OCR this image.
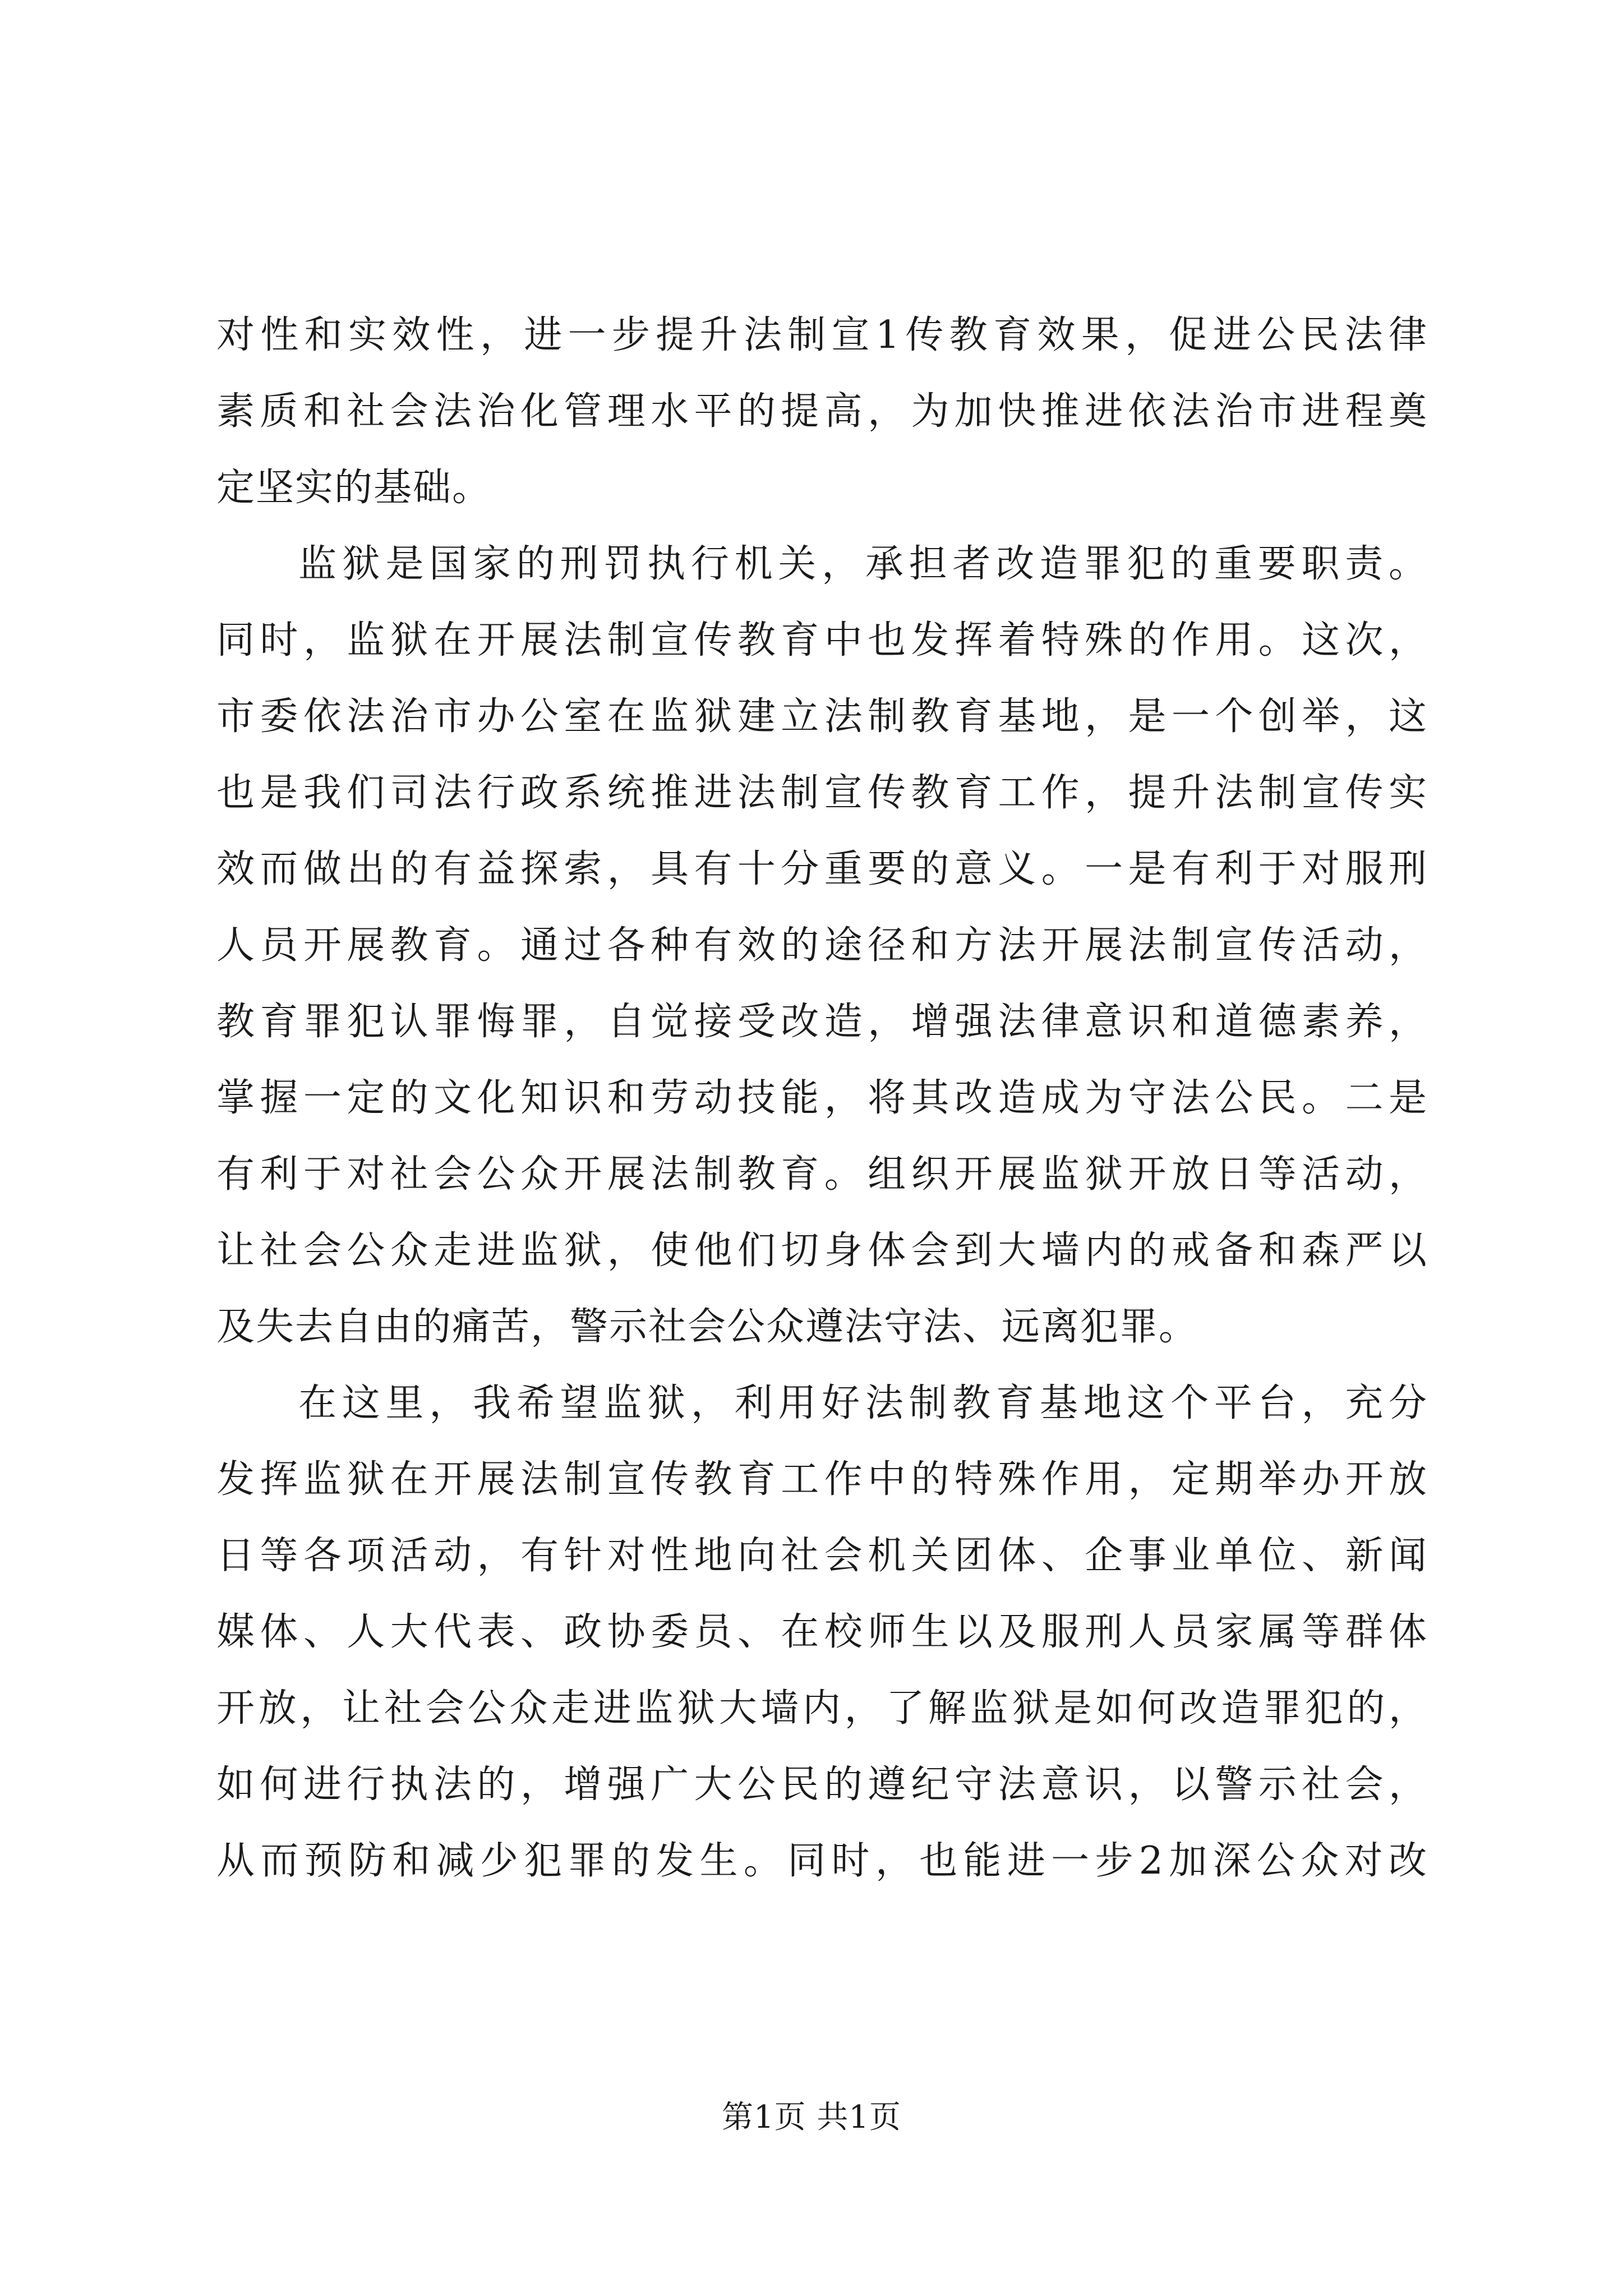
对性和实效性，进一步提升法制宣1传教育效果，促进公民法律
素质和社会法治化管理水平的提高，为加快推进依法治市进程奠
定坚实的基础。
监狱是国家的刑罚执行机关，承担者改造罪犯的重要职责。
同时，监狱在开展法制宣传教育中也发挥着特殊的作用。这次，
市委依法治市办公室在监狱建立法制教育基地，是一个创举，这
也是我们司法行政系统推进法制宣传教育工作，提升法制宣传实
效而做出的有益探索，具有十分重要的意义。一是有利于对服刑
人员开展教育。通过各种有效的途径和方法开展法制宣传活动，
教育罪犯认罪悔罪，自觉接受改造，增强法律意识和道德素养，
掌握一定的文化知识和劳动技能，将其改造成为守法公民。二是
有利于对社会公众开展法制教育。组织开展监狱开放日等活动，
让社会公众走进监狱，使他们切身体会到大墙内的戒备和森严以
及失去自由的痛苦，警示社会公众遵法守法、远离犯罪。
在这里，我希望监狱，利用好法制教育基地这个平台，充分
发挥监狱在开展法制宣传教育工作中的特殊作用，定期举办开放
日等各项活动，有针对性地向社会机关团体、企事业单位、新闻
媒体、人大代表、政协委员、在校师生以及服刑人员家属等群体
开放，让社会公众走进监狱大墙内，了解监狱是如何改造罪犯的，
如何进行执法的，增强广大公民的遵纪守法意识，以警示社会，
从而预防和减少犯罪的发生。同时，也能进一步2加深公众对改
第1页 共1页
